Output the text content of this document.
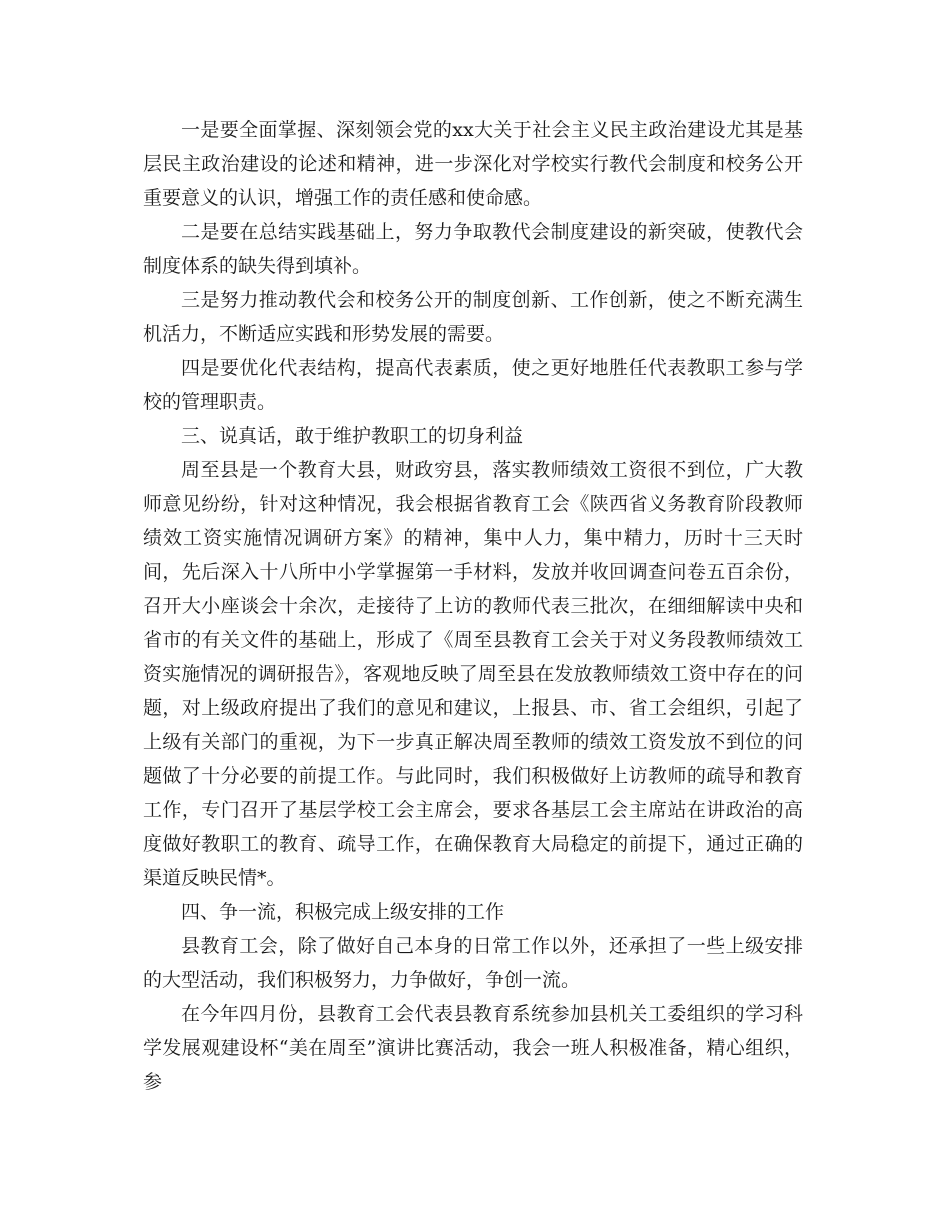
一是要全面掌握、深刻领会党的xx大关于社会主义民主政治建设尤其是基层民主政治建设的论述和精神，进一步深化对学校实行教代会制度和校务公开重要意义的认识，增强工作的责任感和使命感。

二是要在总结实践基础上，努力争取教代会制度建设的新突破，使教代会制度体系的缺失得到填补。

三是努力推动教代会和校务公开的制度创新、工作创新，使之不断充满生机活力，不断适应实践和形势发展的需要。

四是要优化代表结构，提高代表素质，使之更好地胜任代表教职工参与学校的管理职责。

三、说真话，敢于维护教职工的切身利益

周至县是一个教育大县，财政穷县，落实教师绩效工资很不到位，广大教师意见纷纷，针对这种情况，我会根据省教育工会《陕西省义务教育阶段教师绩效工资实施情况调研方案》的精神，集中人力，集中精力，历时十三天时间，先后深入十八所中小学掌握第一手材料，发放并收回调查问卷五百余份，召开大小座谈会十余次，走接待了上访的教师代表三批次，在细细解读中央和省市的有关文件的基础上，形成了《周至县教育工会关于对义务段教师绩效工资实施情况的调研报告》，客观地反映了周至县在发放教师绩效工资中存在的问题，对上级政府提出了我们的意见和建议，上报县、市、省工会组织，引起了上级有关部门的重视，为下一步真正解决周至教师的绩效工资发放不到位的问题做了十分必要的前提工作。与此同时，我们积极做好上访教师的疏导和教育工作，专门召开了基层学校工会主席会，要求各基层工会主席站在讲政治的高度做好教职工的教育、疏导工作，在确保教育大局稳定的前提下，通过正确的渠道反映民情*。

四、争一流，积极完成上级安排的工作

县教育工会，除了做好自己本身的日常工作以外，还承担了一些上级安排的大型活动，我们积极努力，力争做好，争创一流。

在今年四月份，县教育工会代表县教育系统参加县机关工委组织的学习科学发展观建设杯“美在周至”演讲比赛活动，我会一班人积极准备，精心组织，参
